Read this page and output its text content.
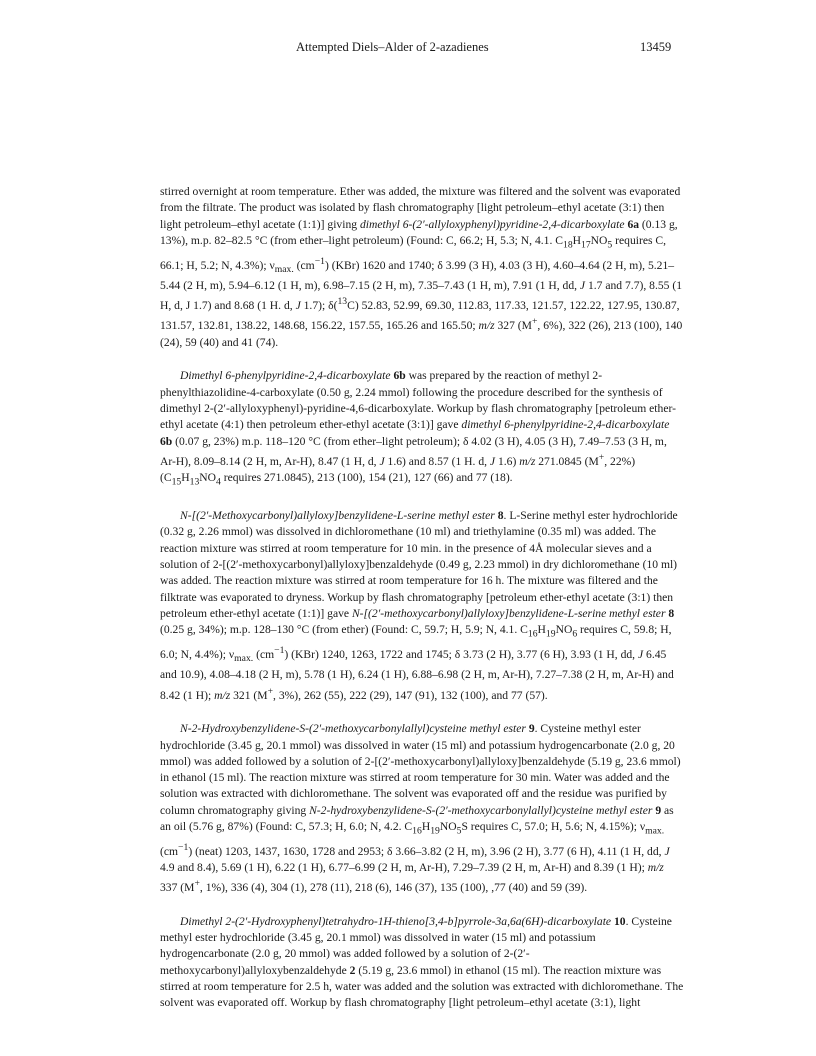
Attempted Diels–Alder of 2-azadienes	13459

stirred overnight at room temperature. Ether was added, the mixture was filtered and the solvent was evaporated from the filtrate. The product was isolated by flash chromatography [light petroleum–ethyl acetate (3:1) then light petroleum–ethyl acetate (1:1)] giving dimethyl 6-(2′-allyloxyphenyl)pyridine-2,4-dicarboxylate 6a (0.13 g, 13%), m.p. 82–82.5 °C (from ether–light petroleum) (Found: C, 66.2; H, 5.3; N, 4.1. $C_{18}H_{17}NO_5$ requires C, 66.1; H, 5.2; N, 4.3%); $\nu_{max.}$ $(cm^{-1})$ (KBr) 1620 and 1740; δ 3.99 (3 H), 4.03 (3 H), 4.60–4.64 (2 H, m), 5.21–5.44 (2 H, m), 5.94–6.12 (1 H, m), 6.98–7.15 (2 H, m), 7.35–7.43 (1 H, m), 7.91 (1 H, dd, J 1.7 and 7.7), 8.55 (1 H, d, J 1.7) and 8.68 (1 H. d, J 1.7); δ($^{13}$C) 52.83, 52.99, 69.30, 112.83, 117.33, 121.57, 122.22, 127.95, 130.87, 131.57, 132.81, 138.22, 148.68, 156.22, 157.55, 165.26 and 165.50; m/z 327 (M+, 6%), 322 (26), 213 (100), 140 (24), 59 (40) and 41 (74).

Dimethyl 6-phenylpyridine-2,4-dicarboxylate 6b was prepared by the reaction of methyl 2-phenylthiazolidine-4-carboxylate (0.50 g, 2.24 mmol) following the procedure described for the synthesis of dimethyl 2-(2′-allyloxyphenyl)-pyridine-4,6-dicarboxylate. Workup by flash chromatography [petroleum ether-ethyl acetate (4:1) then petroleum ether-ethyl acetate (3:1)] gave dimethyl 6-phenylpyridine-2,4-dicarboxylate 6b (0.07 g, 23%) m.p. 118–120 °C (from ether–light petroleum); δ 4.02 (3 H), 4.05 (3 H), 7.49–7.53 (3 H, m, Ar-H), 8.09–8.14 (2 H, m, Ar-H), 8.47 (1 H, d, J 1.6) and 8.57 (1 H. d, J 1.6) m/z 271.0845 (M+, 22%) ($C_{15}H_{13}NO_4$ requires 271.0845), 213 (100), 154 (21), 127 (66) and 77 (18).

N-[(2′-Methoxycarbonyl)allyloxy]benzylidene-L-serine methyl ester 8. L-Serine methyl ester hydrochloride (0.32 g, 2.26 mmol) was dissolved in dichloromethane (10 ml) and triethylamine (0.35 ml) was added. The reaction mixture was stirred at room temperature for 10 min. in the presence of 4Å molecular sieves and a solution of 2-[(2′-methoxycarbonyl)allyloxy]benzaldehyde (0.49 g, 2.23 mmol) in dry dichloromethane (10 ml) was added. The reaction mixture was stirred at room temperature for 16 h. The mixture was filtered and the filktrate was evaporated to dryness. Workup by flash chromatography [petroleum ether-ethyl acetate (3:1) then petroleum ether-ethyl acetate (1:1)] gave N-[(2′-methoxycarbonyl)allyloxy]benzylidene-L-serine methyl ester 8 (0.25 g, 34%); m.p. 128–130 °C (from ether) (Found: C, 59.7; H, 5.9; N, 4.1. $C_{16}H_{19}NO_6$ requires C, 59.8; H, 6.0; N, 4.4%); $\nu_{max.}$ $(cm^{-1})$ (KBr) 1240, 1263, 1722 and 1745; δ 3.73 (2 H), 3.77 (6 H), 3.93 (1 H, dd, J 6.45 and 10.9), 4.08–4.18 (2 H, m), 5.78 (1 H), 6.24 (1 H), 6.88–6.98 (2 H, m, Ar-H), 7.27–7.38 (2 H, m, Ar-H) and 8.42 (1 H); m/z 321 (M+, 3%), 262 (55), 222 (29), 147 (91), 132 (100), and 77 (57).

N-2-Hydroxybenzylidene-S-(2′-methoxycarbonylallyl)cysteine methyl ester 9. Cysteine methyl ester hydrochloride (3.45 g, 20.1 mmol) was dissolved in water (15 ml) and potassium hydrogencarbonate (2.0 g, 20 mmol) was added followed by a solution of 2-[(2′-methoxycarbonyl)allyloxy]benzaldehyde (5.19 g, 23.6 mmol) in ethanol (15 ml). The reaction mixture was stirred at room temperature for 30 min. Water was added and the solution was extracted with dichloromethane. The solvent was evaporated off and the residue was purified by column chromatography giving N-2-hydroxybenzylidene-S-(2′-methoxycarbonylallyl)cysteine methyl ester 9 as an oil (5.76 g, 87%) (Found: C, 57.3; H, 6.0; N, 4.2. $C_{16}H_{19}NO_5S$ requires C, 57.0; H, 5.6; N, 4.15%); $\nu_{max.}$ $(cm^{-1})$ (neat) 1203, 1437, 1630, 1728 and 2953; δ 3.66–3.82 (2 H, m), 3.96 (2 H), 3.77 (6 H), 4.11 (1 H, dd, J 4.9 and 8.4), 5.69 (1 H), 6.22 (1 H), 6.77–6.99 (2 H, m, Ar-H), 7.29–7.39 (2 H, m, Ar-H) and 8.39 (1 H); m/z 337 (M+, 1%), 336 (4), 304 (1), 278 (11), 218 (6), 146 (37), 135 (100), ,77 (40) and 59 (39).

Dimethyl 2-(2′-Hydroxyphenyl)tetrahydro-1H-thieno[3,4-b]pyrrole-3a,6a(6H)-dicarboxylate 10. Cysteine methyl ester hydrochloride (3.45 g, 20.1 mmol) was dissolved in water (15 ml) and potassium hydrogencarbonate (2.0 g, 20 mmol) was added followed by a solution of 2-(2′-methoxycarbonyl)allyloxybenzaldehyde 2 (5.19 g, 23.6 mmol) in ethanol (15 ml). The reaction mixture was stirred at room temperature for 2.5 h, water was added and the solution was extracted with dichloromethane. The solvent was evaporated off. Workup by flash chromatography [light petroleum–ethyl acetate (3:1), light
